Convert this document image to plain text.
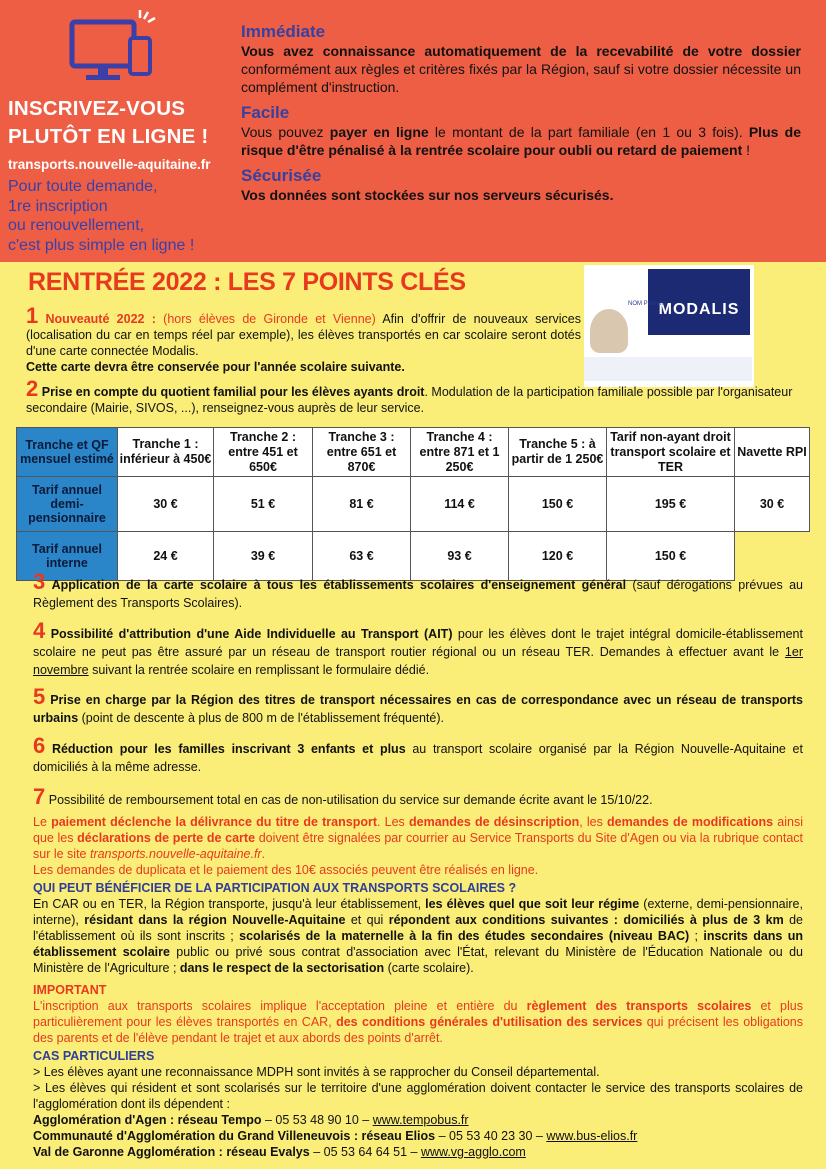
INSCRIVEZ-VOUS
PLUTÔT EN LIGNE !
transports.nouvelle-aquitaine.fr
Pour toute demande,
1re inscription
ou renouvellement,
c'est plus simple en ligne !
Immédiate

Vous avez connaissance automatiquement de la recevabilité de votre dossier conformément aux règles et critères fixés par la Région, sauf si votre dossier nécessite un complément d'instruction.

Facile

Vous pouvez payer en ligne le montant de la part familiale (en 1 ou 3 fois). Plus de risque d'être pénalisé à la rentrée scolaire pour oubli ou retard de paiement !

Sécurisée

Vos données sont stockées sur nos serveurs sécurisés.

RENTRÉE 2022 : LES 7 POINTS CLÉS
MODALIS
NOM Prénom
1 Nouveauté 2022 : (hors élèves de Gironde et Vienne) Afin d'offrir de nouveaux services (localisation du car en temps réel par exemple), les élèves transportés en car scolaire seront dotés d'une carte connectée Modalis.
Cette carte devra être conservée pour l'année scolaire suivante.
2 Prise en compte du quotient familial pour les élèves ayants droit. Modulation de la participation familiale possible par l'organisateur secondaire (Mairie, SIVOS, ...), renseignez-vous auprès de leur service.
Tranche et QF mensuel estimé	Tranche 1 : inférieur à 450€	Tranche 2 : entre 451 et 650€	Tranche 3 : entre 651 et 870€	Tranche 4 : entre 871 et 1 250€	Tranche 5 : à partir de 1 250€	Tarif non-ayant droit transport scolaire et TER	Navette RPI
Tarif annuel demi-pensionnaire	30 €	51 €	81 €	114 €	150 €	195 €	30 €
Tarif annuel interne	24 €	39 €	63 €	93 €	120 €	150 €	
3 Application de la carte scolaire à tous les établissements scolaires d'enseignement général (sauf dérogations prévues au Règlement des Transports Scolaires).
4 Possibilité d'attribution d'une Aide Individuelle au Transport (AIT) pour les élèves dont le trajet intégral domicile-établissement scolaire ne peut pas être assuré par un réseau de transport routier régional ou un réseau TER. Demandes à effectuer avant le 1er novembre suivant la rentrée scolaire en remplissant le formulaire dédié.
5 Prise en charge par la Région des titres de transport nécessaires en cas de correspondance avec un réseau de transports urbains (point de descente à plus de 800 m de l'établissement fréquenté).
6 Réduction pour les familles inscrivant 3 enfants et plus au transport scolaire organisé par la Région Nouvelle-Aquitaine et domiciliés à la même adresse.
7 Possibilité de remboursement total en cas de non-utilisation du service sur demande écrite avant le 15/10/22.
Le paiement déclenche la délivrance du titre de transport. Les demandes de désinscription, les demandes de modifications ainsi que les déclarations de perte de carte doivent être signalées par courrier au Service Transports du Site d'Agen ou via la rubrique contact sur le site transports.nouvelle-aquitaine.fr.
Les demandes de duplicata et le paiement des 10€ associés peuvent être réalisés en ligne.
QUI PEUT BÉNÉFICIER DE LA PARTICIPATION AUX TRANSPORTS SCOLAIRES ?
En CAR ou en TER, la Région transporte, jusqu'à leur établissement, les élèves quel que soit leur régime (externe, demi-pensionnaire, interne), résidant dans la région Nouvelle-Aquitaine et qui répondent aux conditions suivantes : domiciliés à plus de 3 km de l'établissement où ils sont inscrits ; scolarisés de la maternelle à la fin des études secondaires (niveau BAC) ; inscrits dans un établissement scolaire public ou privé sous contrat d'association avec l'État, relevant du Ministère de l'Éducation Nationale ou du Ministère de l'Agriculture ; dans le respect de la sectorisation (carte scolaire).
IMPORTANT
L'inscription aux transports scolaires implique l'acceptation pleine et entière du règlement des transports scolaires et plus particulièrement pour les élèves transportés en CAR, des conditions générales d'utilisation des services qui précisent les obligations des parents et de l'élève pendant le trajet et aux abords des points d'arrêt.
CAS PARTICULIERS
> Les élèves ayant une reconnaissance MDPH sont invités à se rapprocher du Conseil départemental.
> Les élèves qui résident et sont scolarisés sur le territoire d'une agglomération doivent contacter le service des transports scolaires de l'agglomération dont ils dépendent :
Agglomération d'Agen : réseau Tempo – 05 53 48 90 10 – www.tempobus.fr
Communauté d'Agglomération du Grand Villeneuvois : réseau Elios – 05 53 40 23 30 – www.bus-elios.fr
Val de Garonne Agglomération : réseau Evalys – 05 53 64 64 51 – www.vg-agglo.com
